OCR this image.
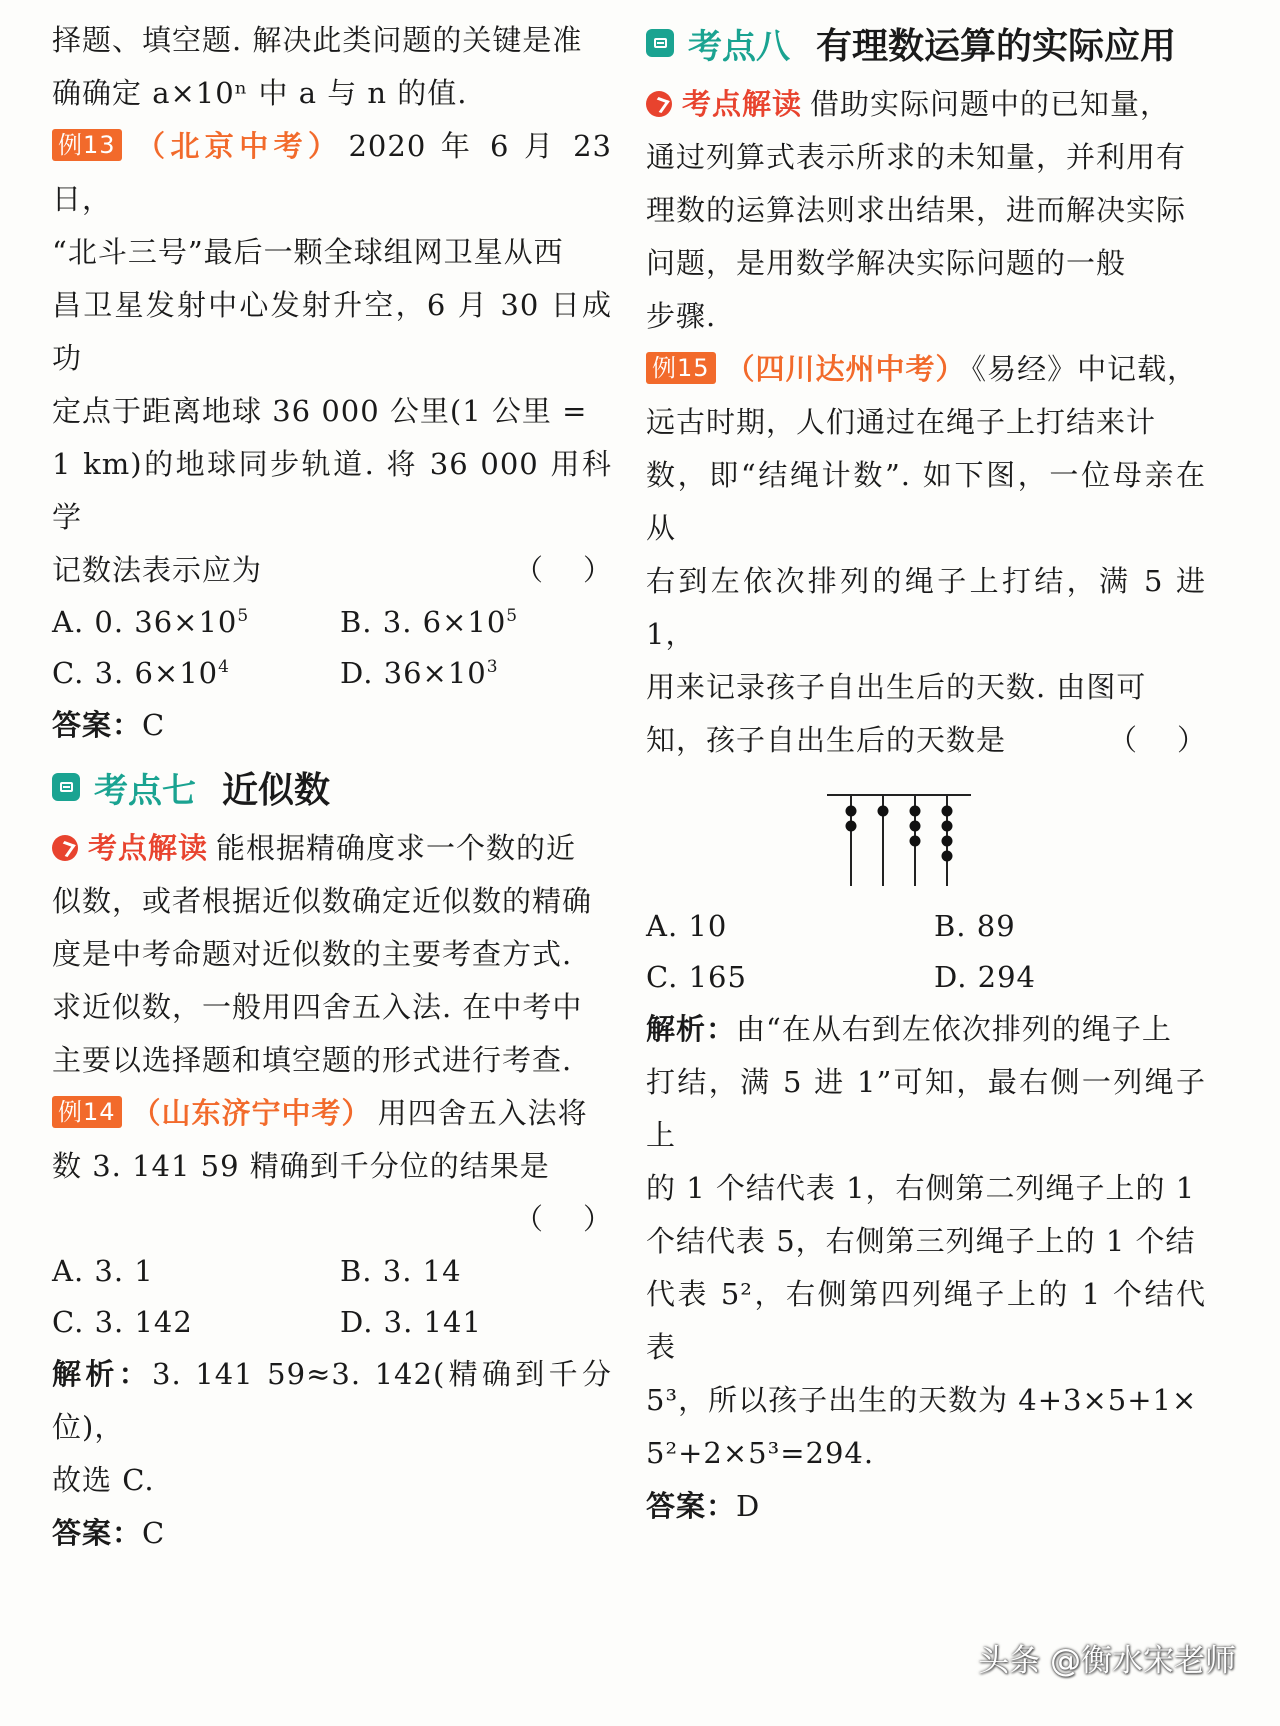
择题、填空题. 解决此类问题的关键是准

确确定 a×10ⁿ 中 a 与 n 的值.

例13 （北京中考） 2020 年 6 月 23 日，

“北斗三号”最后一颗全球组网卫星从西

昌卫星发射中心发射升空，6 月 30 日成功

定点于距离地球 36 000 公里(1 公里 =

1 km)的地球同步轨道. 将 36 000 用科学

记数法表示应为	（）

A. 0. $36\times 10^5$	B. 3. $6\times 10^5$
C. 3. $6\times 10^4$	D. $36\times 10^3$

答案：C

考点七 近似数

考点解读 能根据精确度求一个数的近

似数，或者根据近似数确定近似数的精确

度是中考命题对近似数的主要考查方式.

求近似数，一般用四舍五入法. 在中考中

主要以选择题和填空题的形式进行考查.

例14 （山东济宁中考） 用四舍五入法将

数 3. 141 59 精确到千分位的结果是

（）

A. 3. 1	B. 3. 14
C. 3. 142	D. 3. 141

解析：3. 141 59≈3. 142(精确到千分位)，

故选 C.

答案：C

考点八 有理数运算的实际应用

考点解读 借助实际问题中的已知量，

通过列算式表示所求的未知量，并利用有

理数的运算法则求出结果，进而解决实际

问题，是用数学解决实际问题的一般

步骤.

例15 （四川达州中考） 《易经》中记载，

远古时期，人们通过在绳子上打结来计

数，即“结绳计数”. 如下图，一位母亲在从

右到左依次排列的绳子上打结，满 5 进 1，

用来记录孩子自出生后的天数. 由图可

知，孩子自出生后的天数是	（）

A. 10	B. 89
C. 165	D. 294

解析：由“在从右到左依次排列的绳子上

打结，满 5 进 1”可知，最右侧一列绳子上

的 1 个结代表 1，右侧第二列绳子上的 1

个结代表 5，右侧第三列绳子上的 1 个结

代表 5²，右侧第四列绳子上的 1 个结代表

5³，所以孩子出生的天数为 4+3×5+1×

5²+2×5³=294.

答案：D

头条 @衡水宋老师
